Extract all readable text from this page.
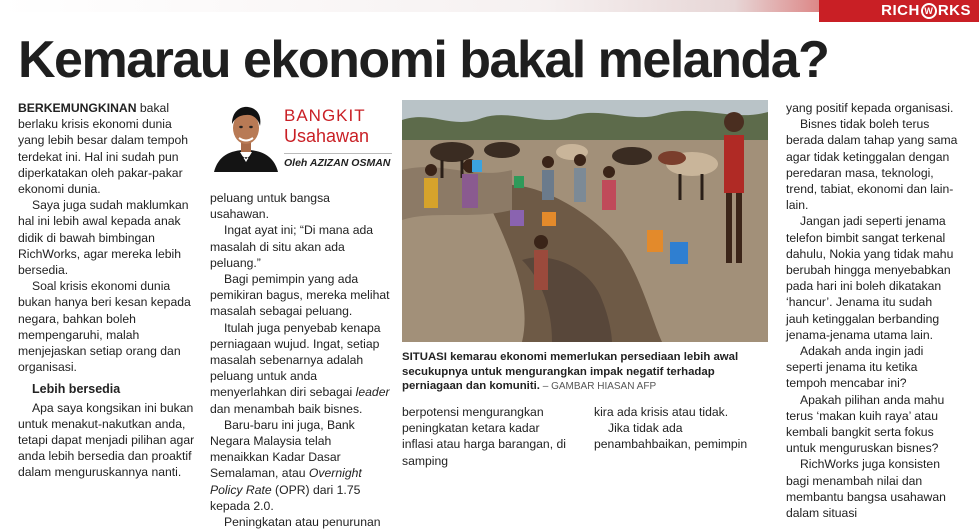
RICH W RKS
Kemarau ekonomi bakal melanda?

BERKEMUNGKINAN bakal berlaku krisis ekonomi dunia yang lebih besar dalam tempoh terdekat ini. Hal ini sudah pun diperkatakan oleh pakar-pakar ekonomi dunia.

Saya juga sudah maklumkan hal ini lebih awal kepada anak didik di bawah bimbingan RichWorks, agar mereka lebih bersedia.

Soal krisis ekonomi dunia bukan hanya beri kesan kepada negara, bahkan boleh mempengaruhi, malah menjejaskan setiap orang dan organisasi.

Lebih bersedia

Apa saya kongsikan ini bukan untuk menakut-nakutkan anda, tetapi dapat menjadi pilihan agar anda lebih bersedia dan proaktif dalam menguruskannya nanti.

BANGKIT
Usahawan
Oleh AZIZAN OSMAN

peluang untuk bangsa usahawan.

Ingat ayat ini; “Di mana ada masalah di situ akan ada peluang.”

Bagi pemimpin yang ada pemikiran bagus, mereka melihat masalah sebagai peluang.

Itulah juga penyebab kenapa perniagaan wujud. Ingat, setiap masalah sebenarnya adalah peluang untuk anda menyerlahkan diri sebagai leader dan menambah baik bisnes.

Baru-baru ini juga, Bank Negara Malaysia telah menaikkan Kadar Dasar Semalaman, atau Overnight Policy Rate (OPR) dari 1.75 kepada 2.0.

Peningkatan atau penurunan

SITUASI kemarau ekonomi memerlukan persediaan lebih awal secukupnya untuk mengurangkan impak negatif terhadap perniagaan dan komuniti. – GAMBAR HIASAN AFP

berpotensi mengurangkan peningkatan ketara kadar inflasi atau harga barangan, di samping

kira ada krisis atau tidak.

Jika tidak ada penambahbaikan, pemimpin

yang positif kepada organisasi.

Bisnes tidak boleh terus berada dalam tahap yang sama agar tidak ketinggalan dengan peredaran masa, teknologi, trend, tabiat, ekonomi dan lain-lain.

Jangan jadi seperti jenama telefon bimbit sangat terkenal dahulu, Nokia yang tidak mahu berubah hingga menyebabkan pada hari ini boleh dikatakan ‘hancur’. Jenama itu sudah jauh ketinggalan berbanding jenama-jenama utama lain.

Adakah anda ingin jadi seperti jenama itu ketika tempoh mencabar ini?

Apakah pilihan anda mahu terus ‘makan kuih raya’ atau kembali bangkit serta fokus untuk menguruskan bisnes?

RichWorks juga konsisten bagi menambah nilai dan membantu bangsa usahawan dalam situasi
